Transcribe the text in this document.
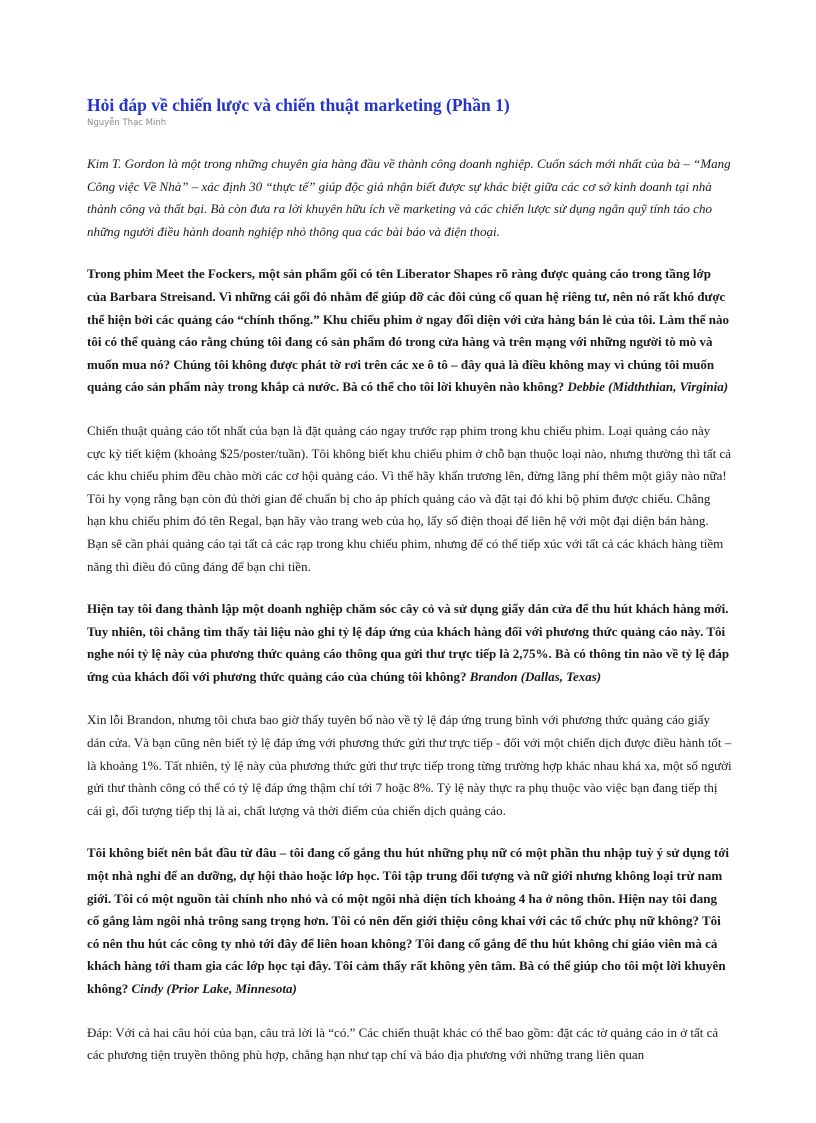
Hỏi đáp về chiến lược và chiến thuật marketing (Phần 1)
Nguyễn Thạc Minh

Kim T. Gordon là một trong những chuyên gia hàng đầu về thành công doanh nghiệp. Cuốn sách mới nhất của bà – “Mang Công việc Về Nhà” – xác định 30 “thực tế” giúp độc giả nhận biết được sự khác biệt giữa các cơ sở kinh doanh tại nhà thành công và thất bại. Bà còn đưa ra lời khuyên hữu ích về marketing và các chiến lược sử dụng ngân quỹ tính táo cho những người điều hành doanh nghiệp nhỏ thông qua các bài báo và điện thoại.

Trong phim Meet the Fockers, một sản phẩm gối có tên Liberator Shapes rõ ràng được quảng cáo trong tầng lớp của Barbara Streisand. Vì những cái gối đó nhằm để giúp đỡ các đôi củng cố quan hệ riêng tư, nên nó rất khó được thể hiện bởi các quảng cáo “chính thống.” Khu chiếu phim ở ngay đối diện với cửa hàng bán lẻ của tôi. Làm thế nào tôi có thể quảng cáo rằng chúng tôi đang có sản phẩm đó trong cửa hàng và trên mạng với những người tò mò và muốn mua nó? Chúng tôi không được phát tờ rơi trên các xe ô tô – đây quả là điều không may vì chúng tôi muốn quảng cáo sản phẩm này trong khắp cả nước. Bà có thể cho tôi lời khuyên nào không? Debbie (Midththian, Virginia)

Chiến thuật quảng cáo tốt nhất của bạn là đặt quảng cáo ngay trước rạp phim trong khu chiếu phim. Loại quảng cáo này cực kỳ tiết kiệm (khoảng $25/poster/tuần). Tôi không biết khu chiếu phim ở chỗ bạn thuộc loại nào, nhưng thường thì tất cả các khu chiếu phim đều chào mời các cơ hội quảng cáo. Vì thế hãy khẩn trương lên, đừng lãng phí thêm một giây nào nữa! Tôi hy vọng rằng bạn còn đủ thời gian để chuẩn bị cho áp phích quảng cáo và đặt tại đó khi bộ phim được chiếu. Chẳng hạn khu chiếu phim đó tên Regal, bạn hãy vào trang web của họ, lấy số điện thoại để liên hệ với một đại diện bán hàng. Bạn sẽ cần phải quảng cáo tại tất cả các rạp trong khu chiếu phim, nhưng để có thể tiếp xúc với tất cả các khách hàng tiềm năng thì điều đó cũng đáng để bạn chi tiền.

Hiện tay tôi đang thành lập một doanh nghiệp chăm sóc cây cỏ và sử dụng giấy dán cửa để thu hút khách hàng mới. Tuy nhiên, tôi chẳng tìm thấy tài liệu nào ghi tỷ lệ đáp ứng của khách hàng đối với phương thức quảng cáo này. Tôi nghe nói tỷ lệ này của phương thức quảng cáo thông qua gửi thư trực tiếp là 2,75%. Bà có thông tin nào về tỷ lệ đáp ứng của khách đối với phương thức quảng cáo của chúng tôi không? Brandon (Dallas, Texas)

Xin lỗi Brandon, nhưng tôi chưa bao giờ thấy tuyên bố nào về tỷ lệ đáp ứng trung bình với phương thức quảng cáo giấy dán cửa. Và bạn cũng nên biết tỷ lệ đáp ứng với phương thức gửi thư trực tiếp - đối với một chiến dịch được điều hành tốt – là khoảng 1%. Tất nhiên, tỷ lệ này của phương thức gửi thư trực tiếp trong từng trường hợp khác nhau khá xa, một số người gửi thư thành công có thể có tỷ lệ đáp ứng thậm chí tới 7 hoặc 8%. Tỷ lệ này thực ra phụ thuộc vào việc bạn đang tiếp thị cái gì, đối tượng tiếp thị là ai, chất lượng và thời điểm của chiến dịch quảng cáo.

Tôi không biết nên bắt đầu từ đâu – tôi đang cố gắng thu hút những phụ nữ có một phần thu nhập tuỳ ý sử dụng tới một nhà nghỉ để an dưỡng, dự hội thảo hoặc lớp học. Tôi tập trung đối tượng và nữ giới nhưng không loại trừ nam giới. Tôi có một nguồn tài chính nho nhỏ và có một ngôi nhà diện tích khoảng 4 ha ở nông thôn. Hiện nay tôi đang cố gắng làm ngôi nhà trông sang trọng hơn. Tôi có nên đến giới thiệu công khai với các tổ chức phụ nữ không? Tôi có nên thu hút các công ty nhỏ tới đây để liên hoan không? Tôi đang cố gắng để thu hút không chỉ giáo viên mà cả khách hàng tới tham gia các lớp học tại đây. Tôi cảm thấy rất không yên tâm. Bà có thể giúp cho tôi một lời khuyên không? Cindy (Prior Lake, Minnesota)

Đáp: Với cả hai câu hỏi của bạn, câu trả lời là “có.” Các chiến thuật khác có thể bao gồm: đặt các tờ quảng cáo in ở tất cả các phương tiện truyền thông phù hợp, chẳng hạn như tạp chí và báo địa phương với những trang liên quan
